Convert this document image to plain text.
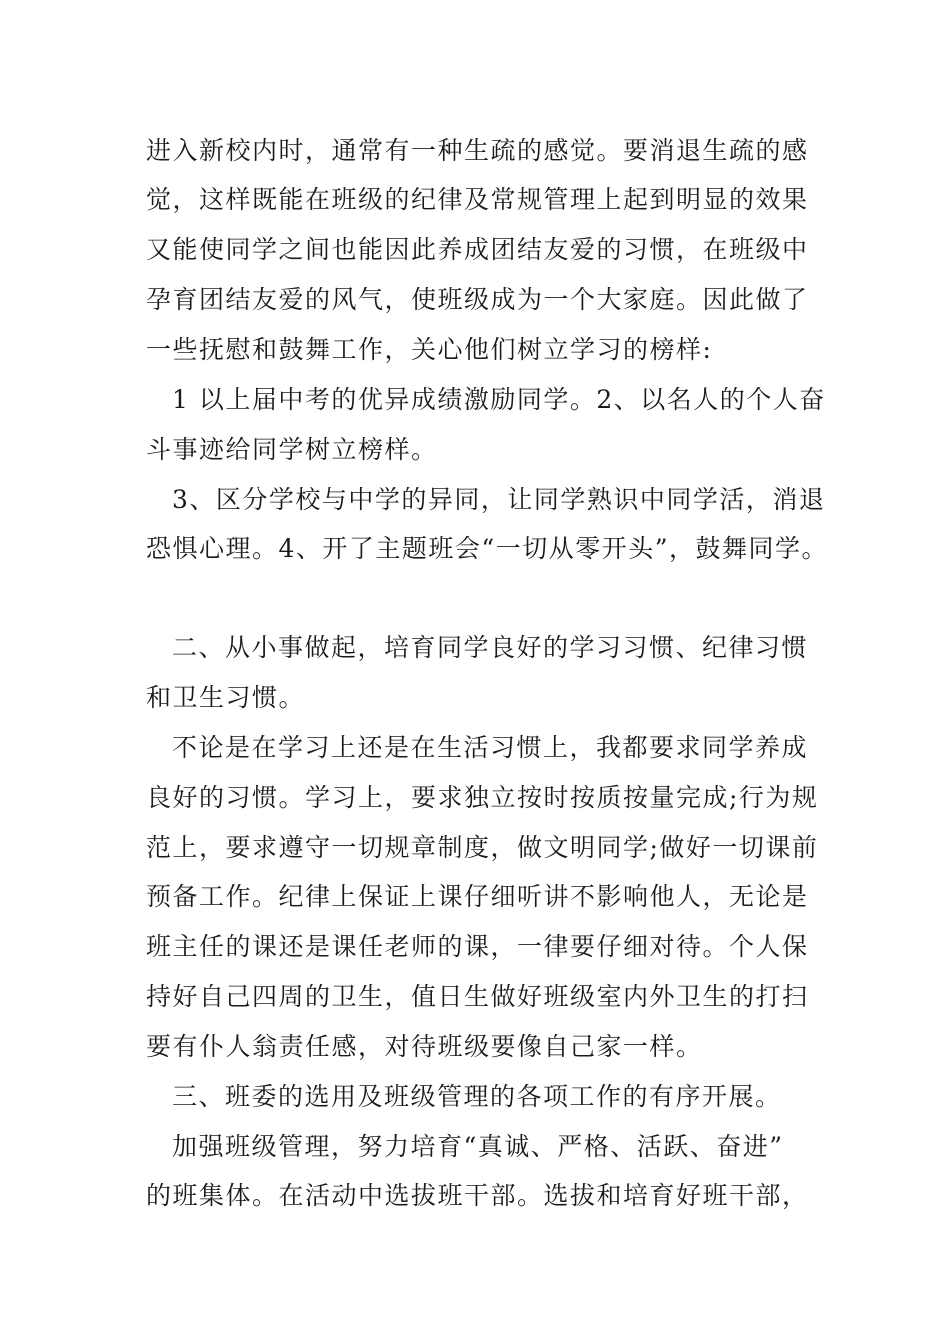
进入新校内时，通常有一种生疏的感觉。要消退生疏的感
觉，这样既能在班级的纪律及常规管理上起到明显的效果
又能使同学之间也能因此养成团结友爱的习惯，在班级中
孕育团结友爱的风气，使班级成为一个大家庭。因此做了
一些抚慰和鼓舞工作，关心他们树立学习的榜样:
1 以上届中考的优异成绩激励同学。2、以名人的个人奋
斗事迹给同学树立榜样。
3、区分学校与中学的异同，让同学熟识中同学活，消退
恐惧心理。4、开了主题班会“一切从零开头”，鼓舞同学。
二、从小事做起，培育同学良好的学习习惯、纪律习惯
和卫生习惯。
不论是在学习上还是在生活习惯上，我都要求同学养成
良好的习惯。学习上，要求独立按时按质按量完成;行为规
范上，要求遵守一切规章制度，做文明同学;做好一切课前
预备工作。纪律上保证上课仔细听讲不影响他人，无论是
班主任的课还是课任老师的课，一律要仔细对待。个人保
持好自己四周的卫生，值日生做好班级室内外卫生的打扫
要有仆人翁责任感，对待班级要像自己家一样。
三、班委的选用及班级管理的各项工作的有序开展。
加强班级管理，努力培育“真诚、严格、活跃、奋进”
的班集体。在活动中选拔班干部。选拔和培育好班干部，
